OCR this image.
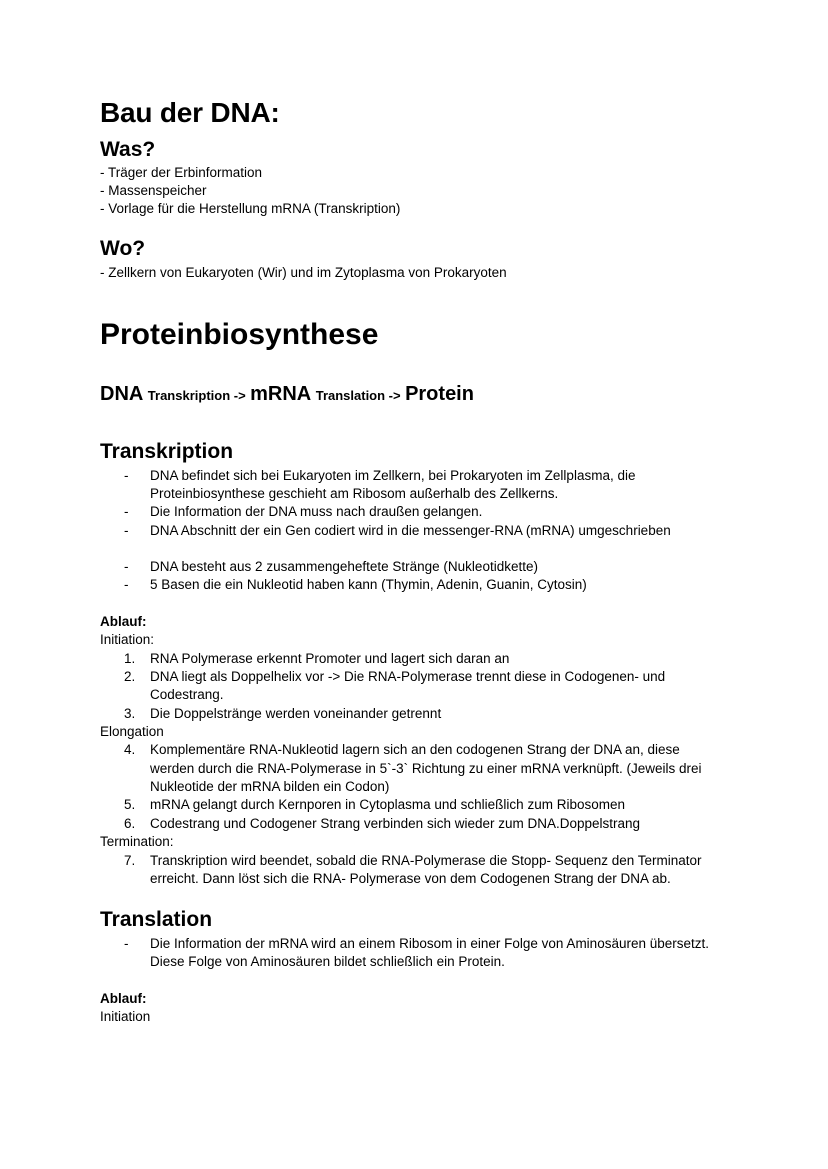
Bau der DNA:
Was?
- Träger der Erbinformation
- Massenspeicher
- Vorlage für die Herstellung mRNA (Transkription)
Wo?
- Zellkern von Eukaryoten (Wir) und im Zytoplasma von Prokaryoten
Proteinbiosynthese
DNA Transkription -> mRNA Translation -> Protein
Transkription
- DNA befindet sich bei Eukaryoten im Zellkern, bei Prokaryoten im Zellplasma, die
Proteinbiosynthese geschieht am Ribosom außerhalb des Zellkerns.
- Die Information der DNA muss nach draußen gelangen.
- DNA Abschnitt der ein Gen codiert wird in die messenger-RNA (mRNA) umgeschrieben
- DNA besteht aus 2 zusammengeheftete Stränge (Nukleotidkette)
- 5 Basen die ein Nukleotid haben kann (Thymin, Adenin, Guanin, Cytosin)
Ablauf:
Initiation:
1. RNA Polymerase erkennt Promoter und lagert sich daran an
2. DNA liegt als Doppelhelix vor -> Die RNA-Polymerase trennt diese in Codogenen- und
Codestrang.
3. Die Doppelstränge werden voneinander getrennt
Elongation
4. Komplementäre RNA-Nukleotid lagern sich an den codogenen Strang der DNA an, diese
werden durch die RNA-Polymerase in 5`-3` Richtung zu einer mRNA verknüpft. (Jeweils drei
Nukleotide der mRNA bilden ein Codon)
5. mRNA gelangt durch Kernporen in Cytoplasma und schließlich zum Ribosomen
6. Codestrang und Codogener Strang verbinden sich wieder zum DNA.Doppelstrang
Termination:
7. Transkription wird beendet, sobald die RNA-Polymerase die Stopp- Sequenz den Terminator
erreicht. Dann löst sich die RNA- Polymerase von dem Codogenen Strang der DNA ab.
Translation
- Die Information der mRNA wird an einem Ribosom in einer Folge von Aminosäuren übersetzt.
Diese Folge von Aminosäuren bildet schließlich ein Protein.
Ablauf:
Initiation
